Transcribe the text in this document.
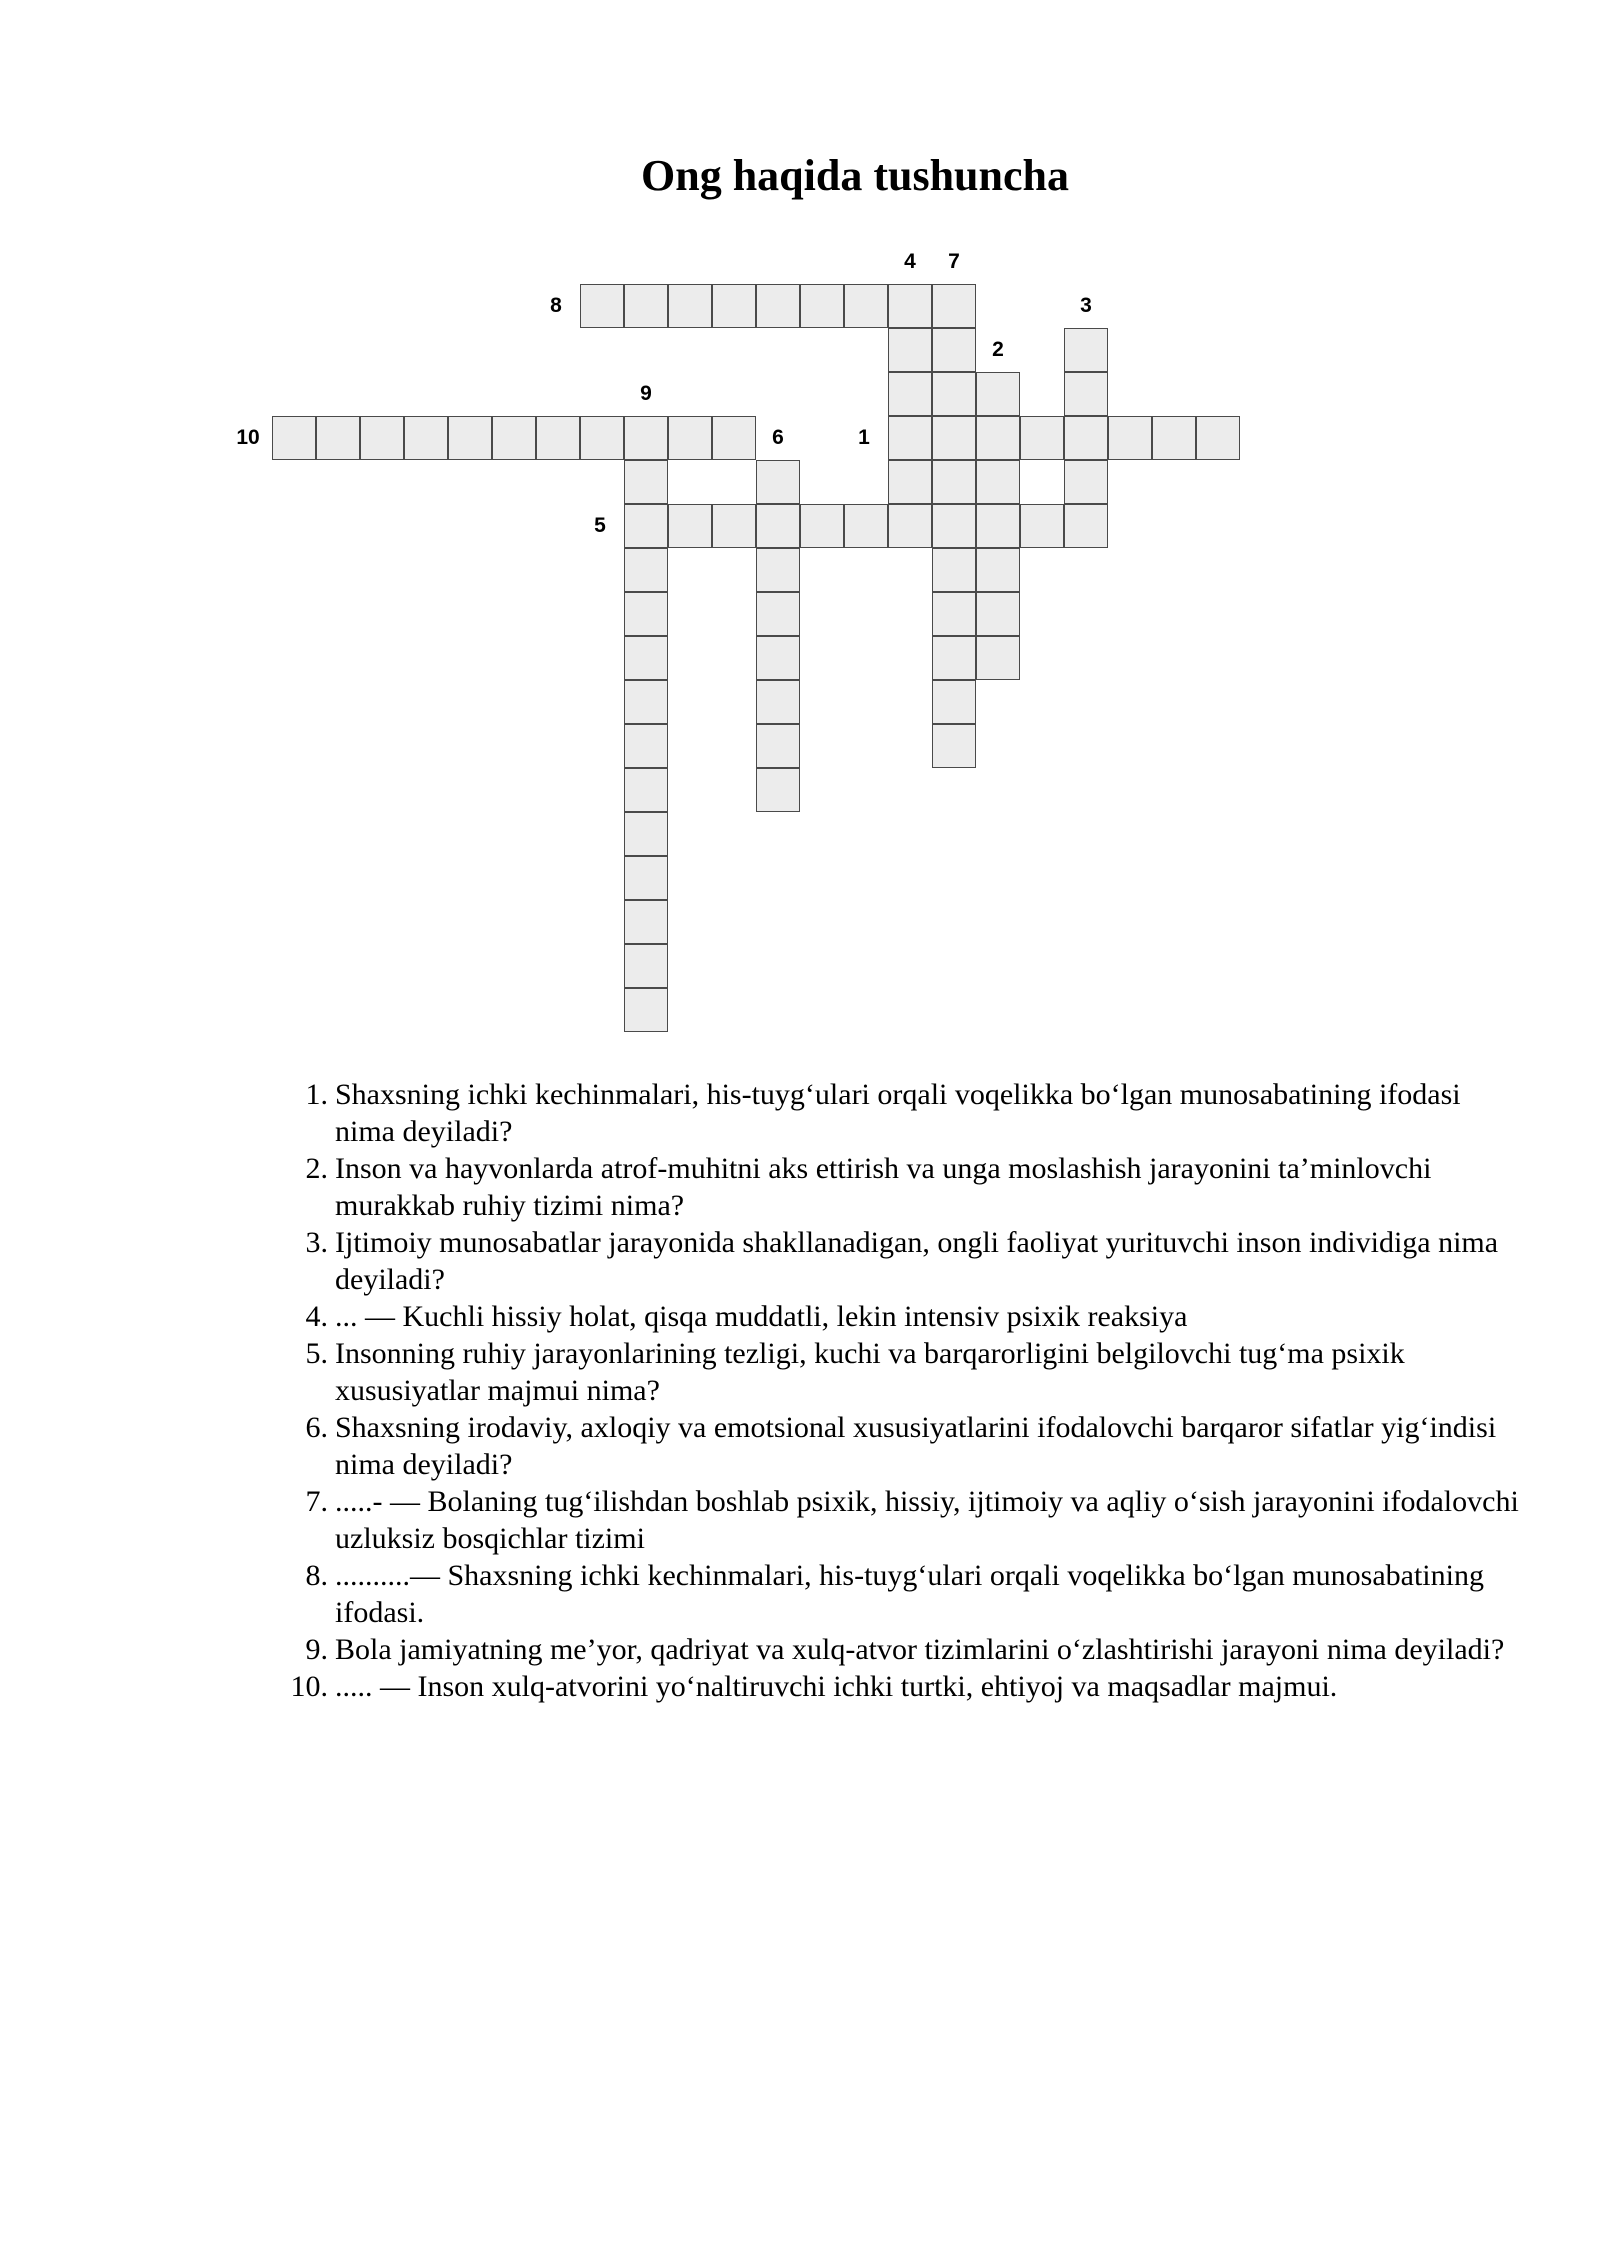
Ong haqida tushuncha
1
2
3
4
5
6
7
8
9
10
1. Shaxsning ichki kechinmalari, his-tuyg‘ulari orqali voqelikka bo‘lgan munosabatining ifodasi nima deyiladi?
2. Inson va hayvonlarda atrof-muhitni aks ettirish va unga moslashish jarayonini ta’minlovchi murakkab ruhiy tizimi nima?
3. Ijtimoiy munosabatlar jarayonida shakllanadigan, ongli faoliyat yurituvchi inson individiga nima deyiladi?
4. ... — Kuchli hissiy holat, qisqa muddatli, lekin intensiv psixik reaksiya
5. Insonning ruhiy jarayonlarining tezligi, kuchi va barqarorligini belgilovchi tug‘ma psixik xususiyatlar majmui nima?
6. Shaxsning irodaviy, axloqiy va emotsional xususiyatlarini ifodalovchi barqaror sifatlar yig‘indisi nima deyiladi?
7. .....- — Bolaning tug‘ilishdan boshlab psixik, hissiy, ijtimoiy va aqliy o‘sish jarayonini ifodalovchi uzluksiz bosqichlar tizimi
8. ..........— Shaxsning ichki kechinmalari, his-tuyg‘ulari orqali voqelikka bo‘lgan munosabatining ifodasi.
9. Bola jamiyatning me’yor, qadriyat va xulq-atvor tizimlarini o‘zlashtirishi jarayoni nima deyiladi?
10. ..... — Inson xulq-atvorini yo‘naltiruvchi ichki turtki, ehtiyoj va maqsadlar majmui.
